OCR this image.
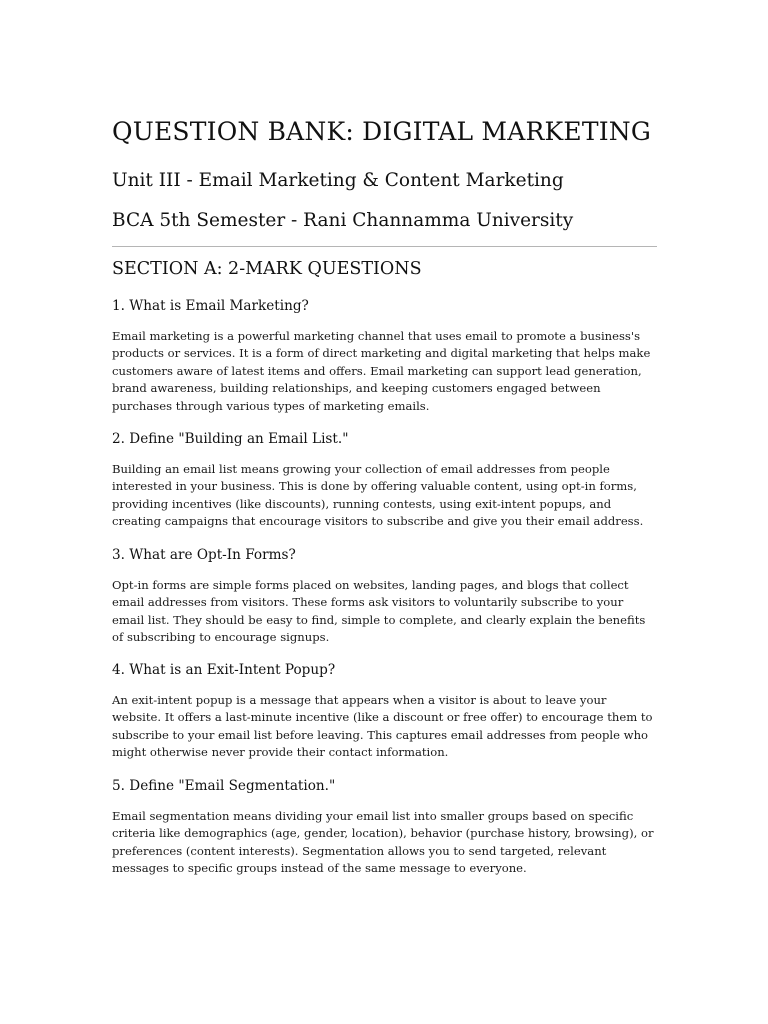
QUESTION BANK: DIGITAL MARKETING
Unit III - Email Marketing & Content Marketing
BCA 5th Semester - Rani Channamma University
SECTION A: 2-MARK QUESTIONS
1. What is Email Marketing?

Email marketing is a powerful marketing channel that uses email to promote a business's
products or services. It is a form of direct marketing and digital marketing that helps make
customers aware of latest items and offers. Email marketing can support lead generation,
brand awareness, building relationships, and keeping customers engaged between
purchases through various types of marketing emails.

2. Define "Building an Email List."

Building an email list means growing your collection of email addresses from people
interested in your business. This is done by offering valuable content, using opt-in forms,
providing incentives (like discounts), running contests, using exit-intent popups, and
creating campaigns that encourage visitors to subscribe and give you their email address.

3. What are Opt-In Forms?

Opt-in forms are simple forms placed on websites, landing pages, and blogs that collect
email addresses from visitors. These forms ask visitors to voluntarily subscribe to your
email list. They should be easy to find, simple to complete, and clearly explain the benefits
of subscribing to encourage signups.

4. What is an Exit-Intent Popup?

An exit-intent popup is a message that appears when a visitor is about to leave your
website. It offers a last-minute incentive (like a discount or free offer) to encourage them to
subscribe to your email list before leaving. This captures email addresses from people who
might otherwise never provide their contact information.

5. Define "Email Segmentation."

Email segmentation means dividing your email list into smaller groups based on specific
criteria like demographics (age, gender, location), behavior (purchase history, browsing), or
preferences (content interests). Segmentation allows you to send targeted, relevant
messages to specific groups instead of the same message to everyone.
